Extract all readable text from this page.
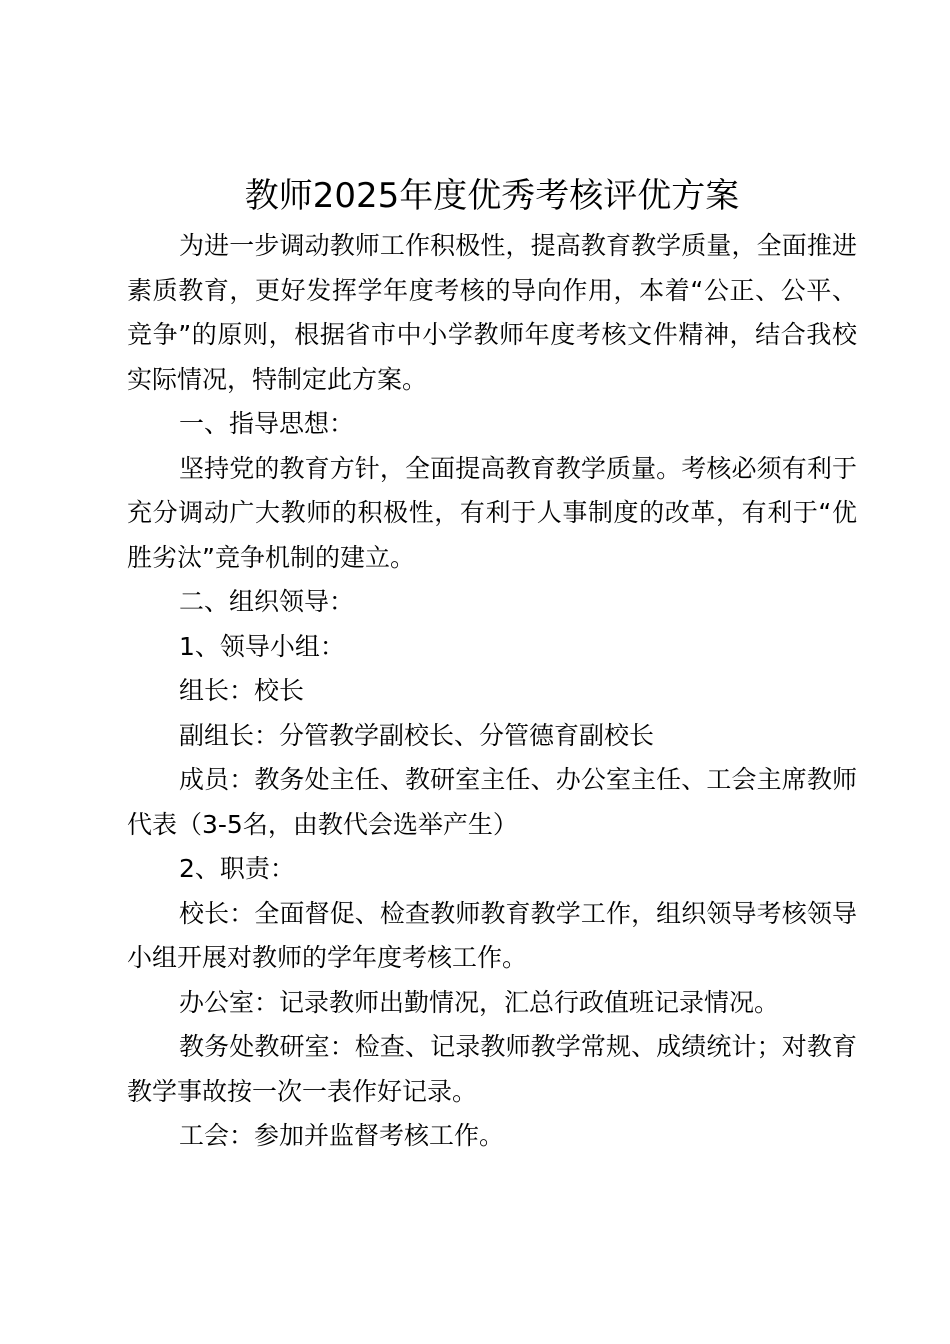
教师2025年度优秀考核评优方案

为进一步调动教师工作积极性，提高教育教学质量，全面推进素质教育，更好发挥学年度考核的导向作用，本着“公正、公平、竞争”的原则，根据省市中小学教师年度考核文件精神，结合我校实际情况，特制定此方案。

一、指导思想：

坚持党的教育方针，全面提高教育教学质量。考核必须有利于充分调动广大教师的积极性，有利于人事制度的改革，有利于“优胜劣汰”竞争机制的建立。

二、组织领导：

1、领导小组：

组长：校长

副组长：分管教学副校长、分管德育副校长

成员：教务处主任、教研室主任、办公室主任、工会主席教师代表（3-5名，由教代会选举产生）

2、职责：

校长：全面督促、检查教师教育教学工作，组织领导考核领导小组开展对教师的学年度考核工作。

办公室：记录教师出勤情况，汇总行政值班记录情况。

教务处教研室：检查、记录教师教学常规、成绩统计；对教育教学事故按一次一表作好记录。

工会：参加并监督考核工作。
